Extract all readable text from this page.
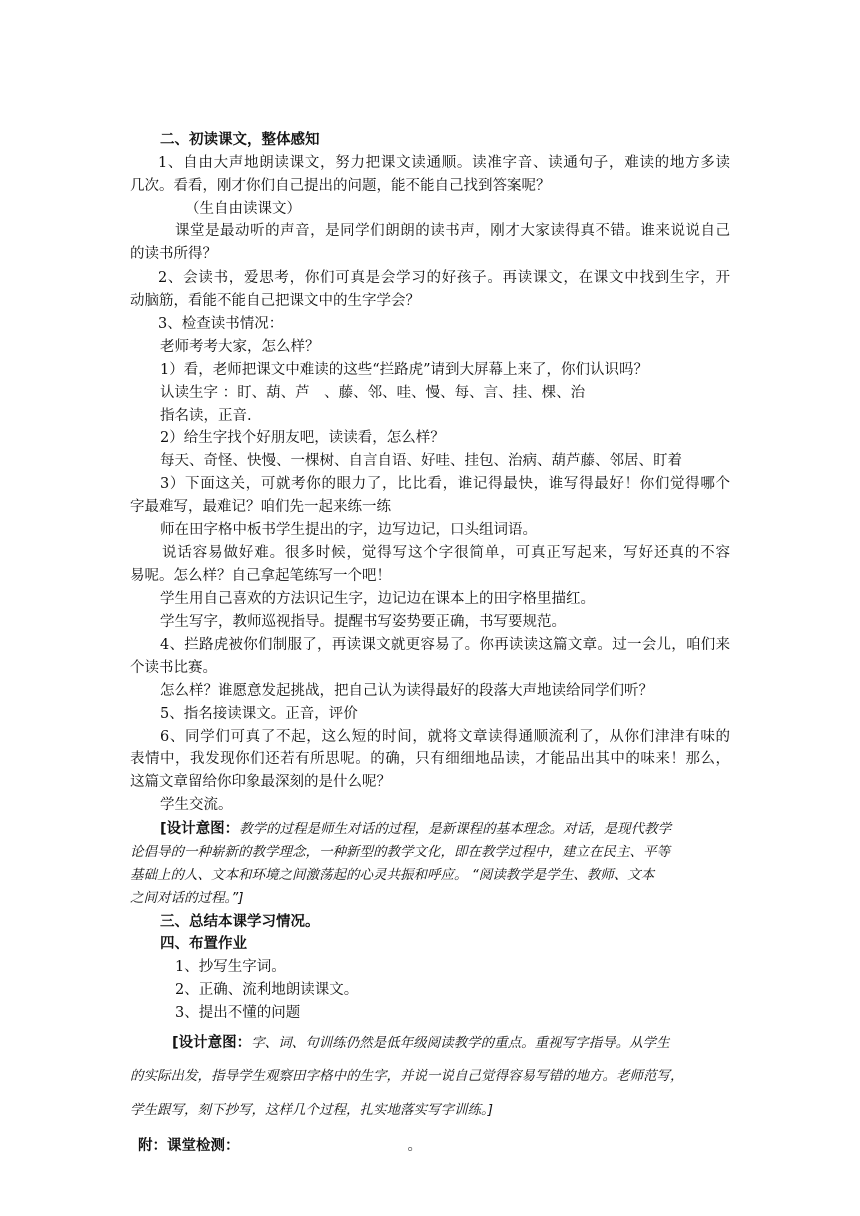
二、初读课文，整体感知
1、自由大声地朗读课文，努力把课文读通顺。读准字音、读通句子，难读的地方多读
几次。看看，刚才你们自己提出的问题，能不能自己找到答案呢？
（生自由读课文）
课堂是最动听的声音，是同学们朗朗的读书声，刚才大家读得真不错。谁来说说自己
的读书所得？
2、会读书，爱思考，你们可真是会学习的好孩子。再读课文，在课文中找到生字，开
动脑筋，看能不能自己把课文中的生字学会？
3、检查读书情况：
老师考考大家，怎么样？
1）看，老师把课文中难读的这些“拦路虎”请到大屏幕上来了，你们认识吗？
认读生字 ：盯、葫、芦　、藤、邻、哇、慢、每、言、挂、棵、治
指名读，正音.
2）给生字找个好朋友吧，读读看，怎么样？
每天、奇怪、快慢、一棵树、自言自语、好哇、挂包、治病、葫芦藤、邻居、盯着
3）下面这关，可就考你的眼力了，比比看，谁记得最快，谁写得最好！你们觉得哪个
字最难写，最难记？咱们先一起来练一练
师在田字格中板书学生提出的字，边写边记，口头组词语。
说话容易做好难。很多时候，觉得写这个字很简单，可真正写起来，写好还真的不容
易呢。怎么样？自己拿起笔练写一个吧！
学生用自己喜欢的方法识记生字，边记边在课本上的田字格里描红。
学生写字，教师巡视指导。提醒书写姿势要正确，书写要规范。
4、拦路虎被你们制服了，再读课文就更容易了。你再读读这篇文章。过一会儿，咱们来
个读书比赛。
怎么样？谁愿意发起挑战，把自己认为读得最好的段落大声地读给同学们听？
5、指名接读课文。正音，评价
6、同学们可真了不起，这么短的时间，就将文章读得通顺流利了，从你们津津有味的
表情中，我发现你们还若有所思呢。的确，只有细细地品读，才能品出其中的味来！那么，
这篇文章留给你印象最深刻的是什么呢？
学生交流。
[设计意图：教学的过程是师生对话的过程，是新课程的基本理念。对话，是现代教学
论倡导的一种崭新的教学理念，一种新型的教学文化，即在教学过程中，建立在民主、平等
基础上的人、文本和环境之间激荡起的心灵共振和呼应。 “阅读教学是学生、教师、文本
之间对话的过程。”]
三、总结本课学习情况。
四、布置作业
1、抄写生字词。
2、正确、流利地朗读课文。
3、提出不懂的问题
[设计意图：字、词、句训练仍然是低年级阅读教学的重点。重视写字指导。从学生
的实际出发，指导学生观察田字格中的生字，并说一说自己觉得容易写错的地方。老师范写，
学生跟写，刻下抄写，这样几个过程，扎实地落实写字训练。]
附：课堂检测：	。
